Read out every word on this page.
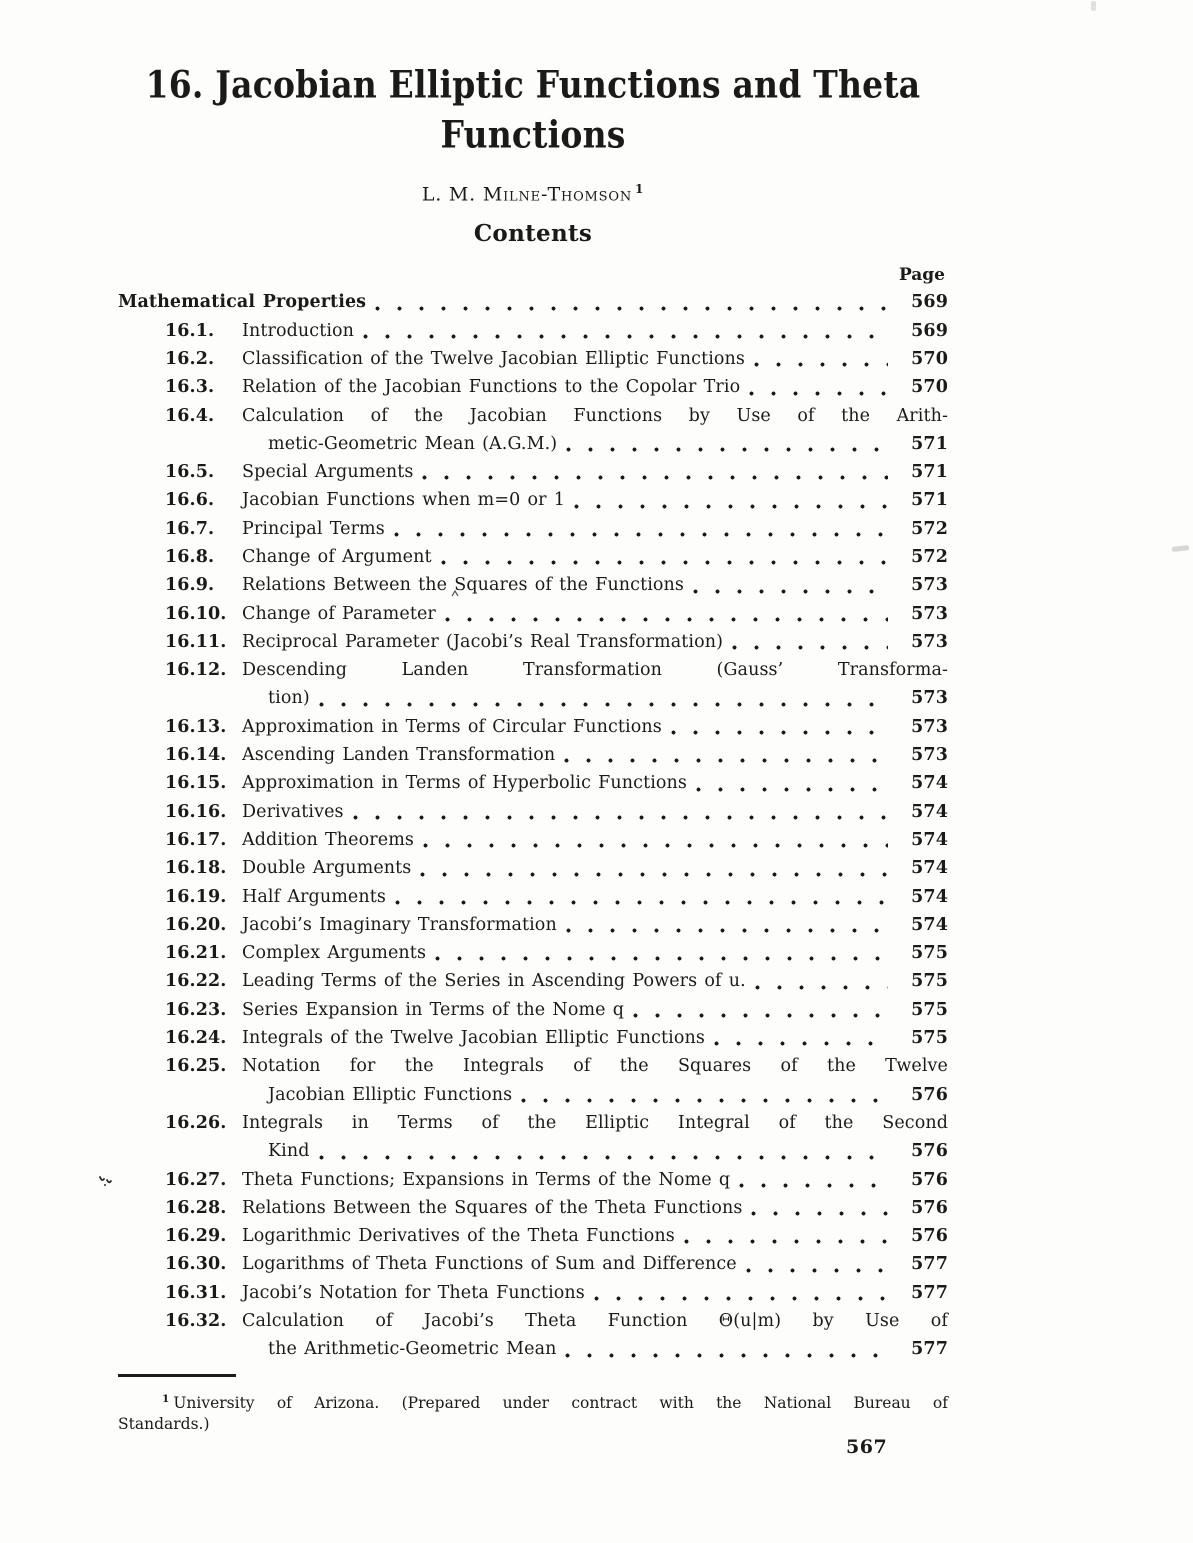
16. Jacobian Elliptic Functions and Theta
Functions
L. M. Milne-Thomson $^1$
Contents
Page
Mathematical Properties	569
16.1.	Introduction	569
16.2.	Classification of the Twelve Jacobian Elliptic Functions	570
16.3.	Relation of the Jacobian Functions to the Copolar Trio	570
16.4.	Calculation of the Jacobian Functions by Use of the Arith-
metic-Geometric Mean (A.G.M.)	571
16.5.	Special Arguments	571
16.6.	Jacobian Functions when m=0 or 1	571
16.7.	Principal Terms	572
16.8.	Change of Argument	572
16.9.	Relations Between the Squares of the Functions	573
16.10. Change of Parameter	573
16.11. Reciprocal Parameter (Jacobi’s Real Transformation)	573
16.12. Descending Landen Transformation (Gauss’ Transforma-
tion)	573
16.13. Approximation in Terms of Circular Functions	573
16.14. Ascending Landen Transformation	573
16.15. Approximation in Terms of Hyperbolic Functions	574
16.16. Derivatives	574
16.17. Addition Theorems	574
16.18. Double Arguments	574
16.19. Half Arguments	574
16.20. Jacobi’s Imaginary Transformation	574
16.21. Complex Arguments	575
16.22. Leading Terms of the Series in Ascending Powers of u.	575
16.23. Series Expansion in Terms of the Nome q	575
16.24. Integrals of the Twelve Jacobian Elliptic Functions	575
16.25. Notation for the Integrals of the Squares of the Twelve
Jacobian Elliptic Functions	576
16.26. Integrals in Terms of the Elliptic Integral of the Second
Kind	576
16.27. Theta Functions; Expansions in Terms of the Nome q	576
16.28. Relations Between the Squares of the Theta Functions	576
16.29. Logarithmic Derivatives of the Theta Functions	576
16.30. Logarithms of Theta Functions of Sum and Difference	577
16.31. Jacobi’s Notation for Theta Functions	577
16.32. Calculation of Jacobi’s Theta Function Θ(u|m) by Use of
the Arithmetic-Geometric Mean	577

$^1$ University of Arizona. (Prepared under contract with the National Bureau of
Standards.)

567
